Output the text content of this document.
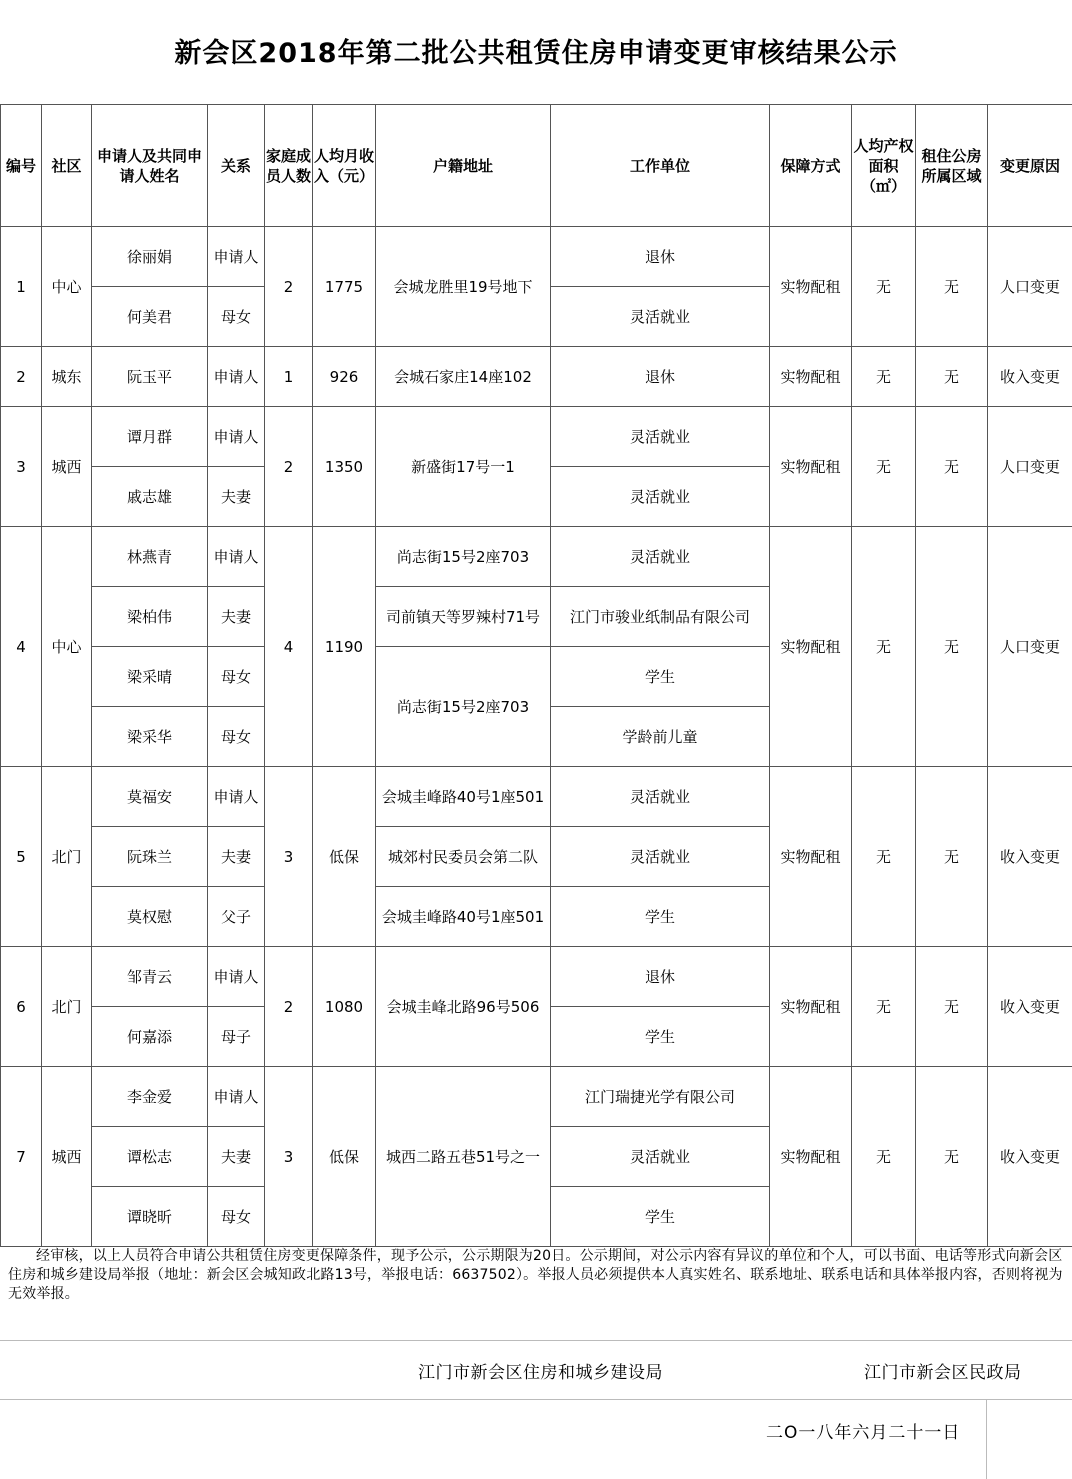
新会区2018年第二批公共租赁住房申请变更审核结果公示
编号	社区	申请人及共同申请人姓名	关系	家庭成员人数	人均月收入（元）	户籍地址	工作单位	保障方式	人均产权面积（㎡）	租住公房所属区域	变更原因
1	中心	徐丽娟	申请人	2	1775	会城龙胜里19号地下	退休	实物配租	无	无	人口变更
		何美君	母女				灵活就业				
2	城东	阮玉平	申请人	1	926	会城石家庄14座102	退休	实物配租	无	无	收入变更
3	城西	谭月群	申请人	2	1350	新盛街17号一1	灵活就业	实物配租	无	无	人口变更
		戚志雄	夫妻				灵活就业				
4	中心	林燕青	申请人	4	1190	尚志街15号2座703	灵活就业	实物配租	无	无	人口变更
		梁柏伟	夫妻			司前镇天等罗辣村71号	江门市骏业纸制品有限公司				
		梁采晴	母女			尚志街15号2座703	学生				
		梁采华	母女				学龄前儿童				
5	北门	莫福安	申请人	3	低保	会城圭峰路40号1座501	灵活就业	实物配租	无	无	收入变更
		阮珠兰	夫妻			城郊村民委员会第二队	灵活就业				
		莫权慰	父子			会城圭峰路40号1座501	学生				
6	北门	邹青云	申请人	2	1080	会城圭峰北路96号506	退休	实物配租	无	无	收入变更
		何嘉添	母子				学生				
7	城西	李金爱	申请人	3	低保	城西二路五巷51号之一	江门瑞捷光学有限公司	实物配租	无	无	收入变更
		谭松志	夫妻				灵活就业				
		谭晓昕	母女				学生				
经审核，以上人员符合申请公共租赁住房变更保障条件，现予公示，公示期限为20日。公示期间，对公示内容有异议的单位和个人，可以书面、电话等形式向新会区住房和城乡建设局举报（地址：新会区会城知政北路13号，举报电话：6637502）。举报人员必须提供本人真实姓名、联系地址、联系电话和具体举报内容，否则将视为无效举报。
江门市新会区住房和城乡建设局	江门市新会区民政局
二O一八年六月二十一日
